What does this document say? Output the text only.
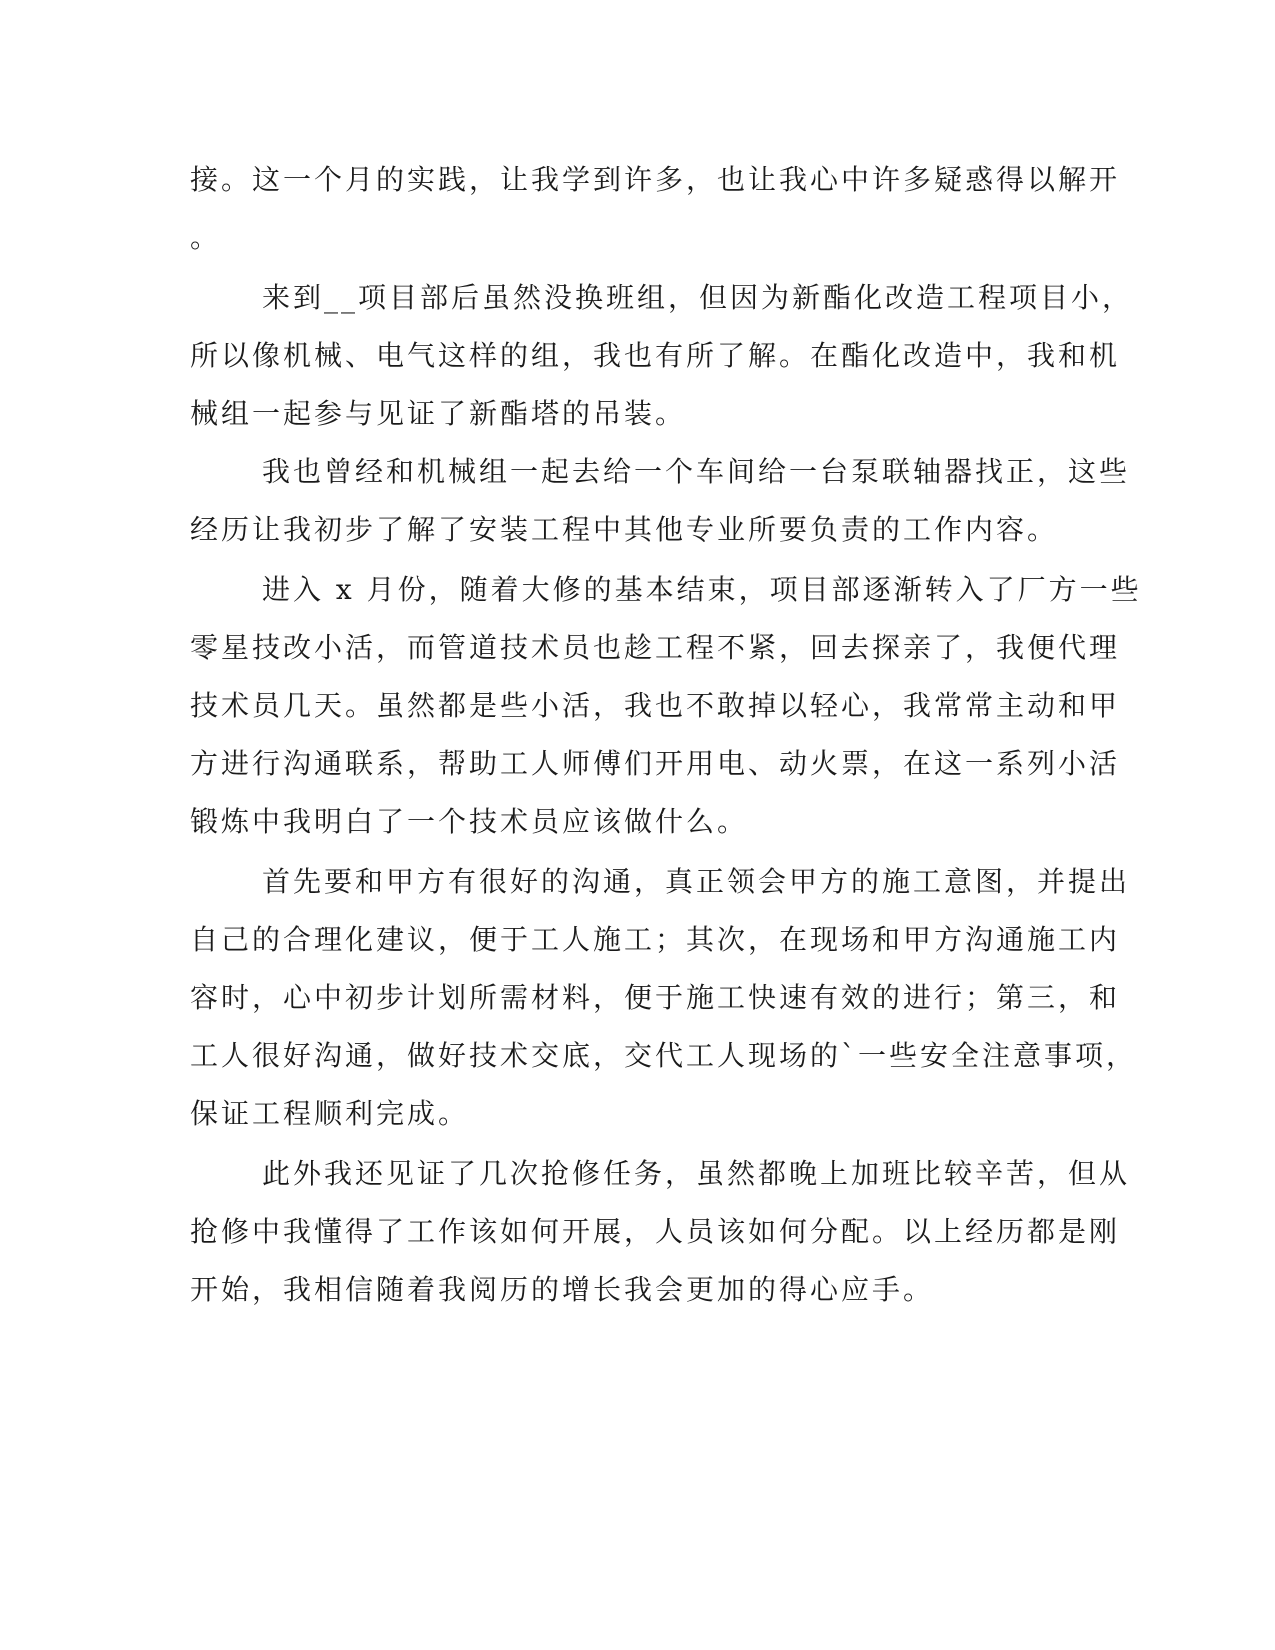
接。这一个月的实践，让我学到许多，也让我心中许多疑惑得以解开
。
来到__项目部后虽然没换班组，但因为新酯化改造工程项目小，
所以像机械、电气这样的组，我也有所了解。在酯化改造中，我和机
械组一起参与见证了新酯塔的吊装。
我也曾经和机械组一起去给一个车间给一台泵联轴器找正，这些
经历让我初步了解了安装工程中其他专业所要负责的工作内容。
进入 x 月份，随着大修的基本结束，项目部逐渐转入了厂方一些
零星技改小活，而管道技术员也趁工程不紧，回去探亲了，我便代理
技术员几天。虽然都是些小活，我也不敢掉以轻心，我常常主动和甲
方进行沟通联系，帮助工人师傅们开用电、动火票，在这一系列小活
锻炼中我明白了一个技术员应该做什么。
首先要和甲方有很好的沟通，真正领会甲方的施工意图，并提出
自己的合理化建议，便于工人施工；其次，在现场和甲方沟通施工内
容时，心中初步计划所需材料，便于施工快速有效的进行；第三，和
工人很好沟通，做好技术交底，交代工人现场的`一些安全注意事项，
保证工程顺利完成。
此外我还见证了几次抢修任务，虽然都晚上加班比较辛苦，但从
抢修中我懂得了工作该如何开展，人员该如何分配。以上经历都是刚
开始，我相信随着我阅历的增长我会更加的得心应手。
